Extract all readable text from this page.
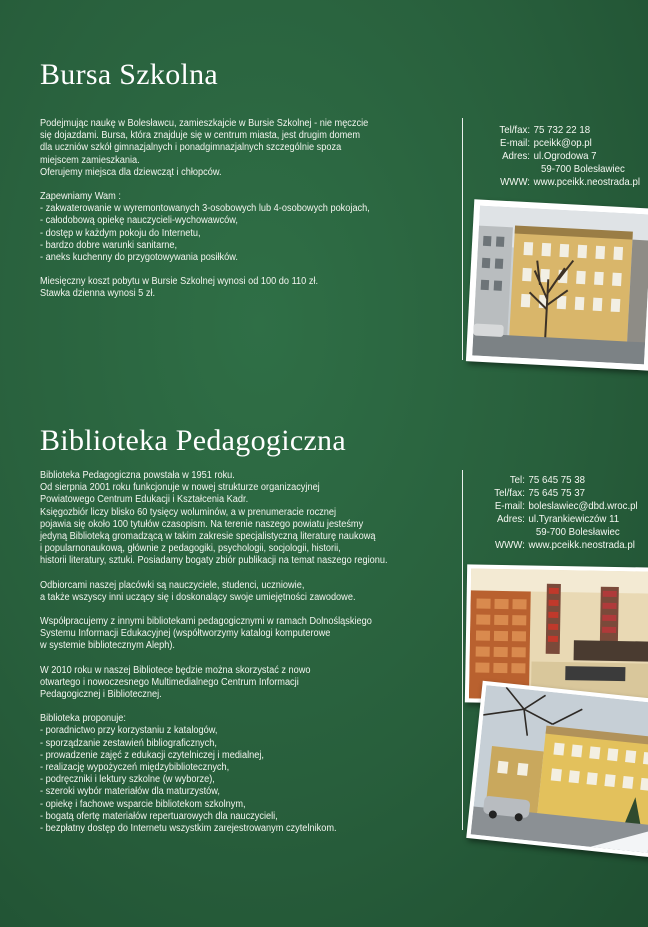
Bursa Szkolna

Podejmując naukę w Bolesławcu, zamieszkajcie w Bursie Szkolnej - nie męczcie

się dojazdami. Bursa, która znajduje się w centrum miasta, jest drugim domem

dla uczniów szkół gimnazjalnych i ponadgimnazjalnych szczególnie spoza

miejscem zamieszkania.

Oferujemy miejsca dla dziewcząt i chłopców.

Zapewniamy Wam :

- zakwaterowanie w wyremontowanych 3-osobowych lub 4-osobowych pokojach,

- całodobową opiekę nauczycieli-wychowawców,

- dostęp w każdym pokoju do Internetu,

- bardzo dobre warunki sanitarne,

- aneks kuchenny do przygotowywania posiłków.

Miesięczny koszt pobytu w Bursie Szkolnej wynosi od 100 do 110 zł.

Stawka dzienna wynosi 5 zł.

Tel/fax: 75 732 22 18
E-mail: pceikk@op.pl
Adres: ul.Ogrodowa 7
59-700 Bolesławiec
WWW: www.pceikk.neostrada.pl
Biblioteka Pedagogiczna

Biblioteka Pedagogiczna powstała w 1951 roku.

Od sierpnia 2001 roku funkcjonuje w nowej strukturze organizacyjnej

Powiatowego Centrum Edukacji i Kształcenia Kadr.

Księgozbiór liczy blisko 60 tysięcy woluminów, a w prenumeracie rocznej

pojawia się około 100 tytułów czasopism. Na terenie naszego powiatu jesteśmy

jedyną Biblioteką gromadzącą w takim zakresie specjalistyczną literaturę naukową

i popularnonaukową, głównie z pedagogiki, psychologii, socjologii, historii,

historii literatury, sztuki. Posiadamy bogaty zbiór publikacji na temat naszego regionu.

Odbiorcami naszej placówki są nauczyciele, studenci, uczniowie,

a także wszyscy inni uczący się i doskonalący swoje umiejętności zawodowe.

Współpracujemy z innymi bibliotekami pedagogicznymi w ramach Dolnośląskiego

Systemu Informacji Edukacyjnej (współtworzymy katalogi komputerowe

w systemie bibliotecznym Aleph).

W 2010 roku w naszej Bibliotece będzie można skorzystać z nowo

otwartego i nowoczesnego Multimedialnego Centrum Informacji

Pedagogicznej i Bibliotecznej.

Biblioteka proponuje:

- poradnictwo przy korzystaniu z katalogów,

- sporządzanie zestawień bibliograficznych,

- prowadzenie zajęć z edukacji czytelniczej i medialnej,

- realizację wypożyczeń międzybibliotecznych,

- podręczniki i lektury szkolne (w wyborze),

- szeroki wybór materiałów dla maturzystów,

- opiekę i fachowe wsparcie bibliotekom szkolnym,

- bogatą ofertę materiałów repertuarowych dla nauczycieli,

- bezpłatny dostęp do Internetu wszystkim zarejestrowanym czytelnikom.

Tel: 75 645 75 38
Tel/fax: 75 645 75 37
E-mail: boleslawiec@dbd.wroc.pl
Adres: ul.Tyrankiewiczów 11
59-700 Bolesławiec
WWW: www.pceikk.neostrada.pl
